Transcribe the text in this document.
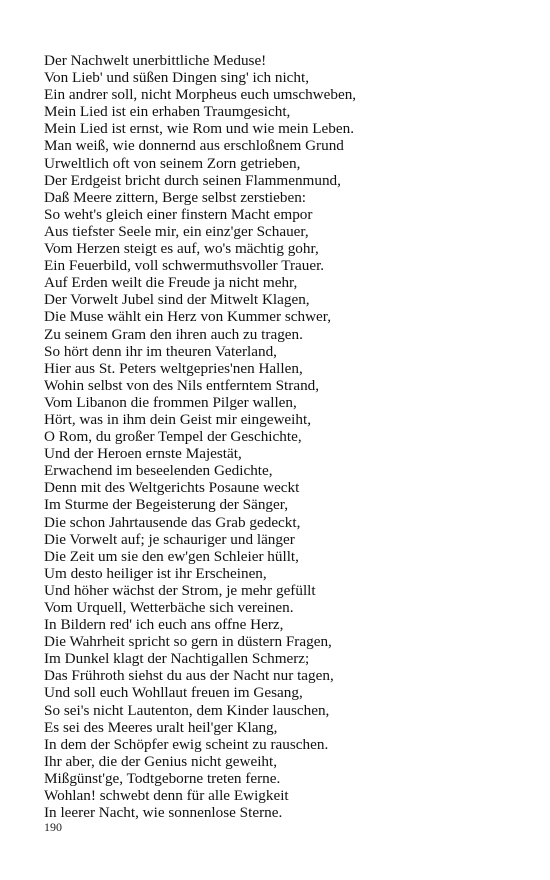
Der Nachwelt unerbittliche Meduse!
Von Lieb' und süßen Dingen sing' ich nicht,
Ein andrer soll, nicht Morpheus euch umschweben,
Mein Lied ist ein erhaben Traumgesicht,
Mein Lied ist ernst, wie Rom und wie mein Leben.
Man weiß, wie donnernd aus erschloßnem Grund
Urweltlich oft von seinem Zorn getrieben,
Der Erdgeist bricht durch seinen Flammenmund,
Daß Meere zittern, Berge selbst zerstieben:
So weht's gleich einer finstern Macht empor
Aus tiefster Seele mir, ein einz'ger Schauer,
Vom Herzen steigt es auf, wo's mächtig gohr,
Ein Feuerbild, voll schwermuthsvoller Trauer.
Auf Erden weilt die Freude ja nicht mehr,
Der Vorwelt Jubel sind der Mitwelt Klagen,
Die Muse wählt ein Herz von Kummer schwer,
Zu seinem Gram den ihren auch zu tragen.
So hört denn ihr im theuren Vaterland,
Hier aus St. Peters weltgepries'nen Hallen,
Wohin selbst von des Nils entferntem Strand,
Vom Libanon die frommen Pilger wallen,
Hört, was in ihm dein Geist mir eingeweiht,
O Rom, du großer Tempel der Geschichte,
Und der Heroen ernste Majestät,
Erwachend im beseelenden Gedichte,
Denn mit des Weltgerichts Posaune weckt
Im Sturme der Begeisterung der Sänger,
Die schon Jahrtausende das Grab gedeckt,
Die Vorwelt auf; je schauriger und länger
Die Zeit um sie den ew'gen Schleier hüllt,
Um desto heiliger ist ihr Erscheinen,
Und höher wächst der Strom, je mehr gefüllt
Vom Urquell, Wetterbäche sich vereinen.
In Bildern red' ich euch ans offne Herz,
Die Wahrheit spricht so gern in düstern Fragen,
Im Dunkel klagt der Nachtigallen Schmerz;
Das Frühroth siehst du aus der Nacht nur tagen,
Und soll euch Wohllaut freuen im Gesang,
So sei's nicht Lautenton, dem Kinder lauschen,
Es sei des Meeres uralt heil'ger Klang,
In dem der Schöpfer ewig scheint zu rauschen.
Ihr aber, die der Genius nicht geweiht,
Mißgünst'ge, Todtgeborne treten ferne.
Wohlan! schwebt denn für alle Ewigkeit
In leerer Nacht, wie sonnenlose Sterne.
190
